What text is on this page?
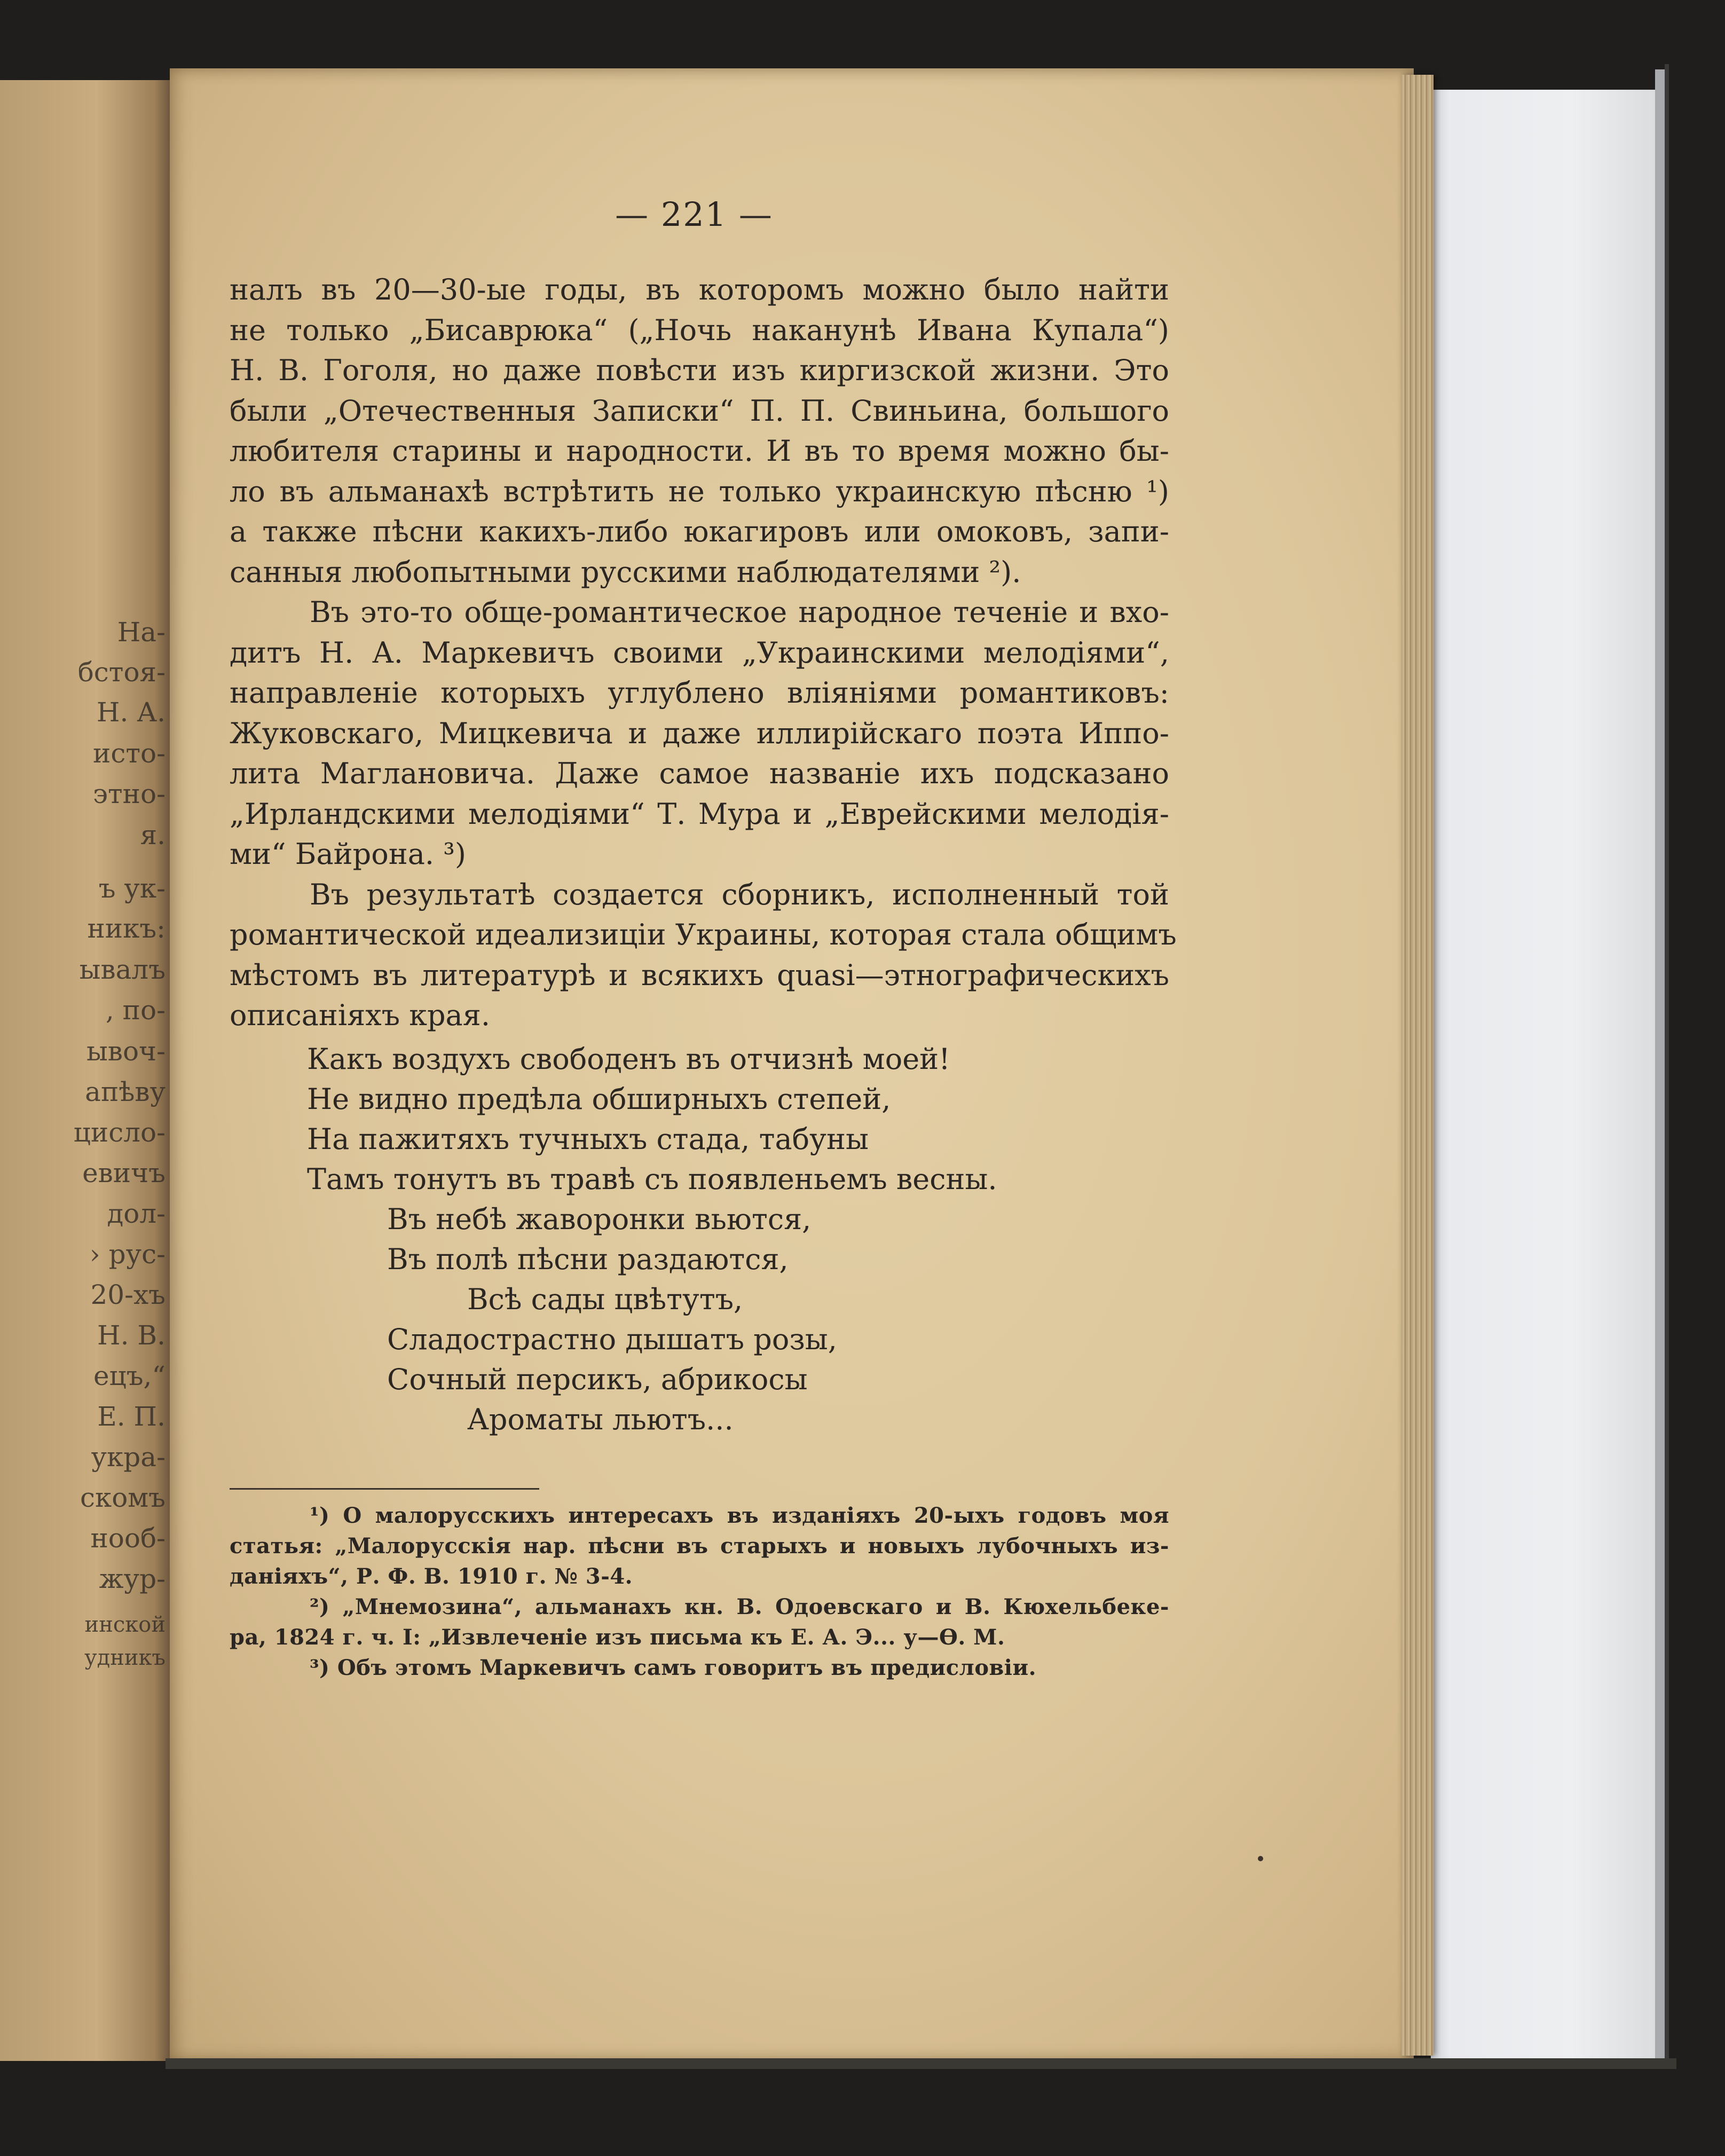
На-
бстоя-
Н. А.
исто-
этно-
я.
ъ ук-
никъ:
ывалъ
, по-
ывоч-
апѣву
цисло-
евичъ
дол-
› рус-
20-хъ
Н. В.
ецъ,“
Е. П.
укра-
скомъ
нооб-
жур-
инской
удникъ
— 221 —
налъ въ 20—30-ые годы, въ которомъ можно было найти
не только „Бисаврюка“ („Ночь наканунѣ Ивана Купала“)
Н. В. Гоголя, но даже повѣсти изъ киргизской жизни. Это
были „Отечественныя Записки“ П. П. Свиньина, большого
любителя старины и народности. И въ то время можно бы-
ло въ альманахѣ встрѣтить не только украинскую пѣсню ¹)
а также пѣсни какихъ-либо юкагировъ или омоковъ, запи-
санныя любопытными русскими наблюдателями ²).
Въ это-то обще-романтическое народное теченіе и вхо-
дитъ Н. А. Маркевичъ своими „Украинскими мелодіями“,
направленіе которыхъ углублено вліяніями романтиковъ:
Жуковскаго, Мицкевича и даже иллирійскаго поэта Иппо-
лита Маглановича. Даже самое названіе ихъ подсказано
„Ирландскими мелодіями“ Т. Мура и „Еврейскими мелодія-
ми“ Байрона. ³)
Въ результатѣ создается сборникъ, исполненный той
романтической идеализиціи Украины, которая стала общимъ
мѣстомъ въ литературѣ и всякихъ quasi—этнографическихъ
описаніяхъ края.
Какъ воздухъ свободенъ въ отчизнѣ моей!
Не видно предѣла обширныхъ степей,
На пажитяхъ тучныхъ стада, табуны
Тамъ тонутъ въ травѣ съ появленьемъ весны.
Въ небѣ жаворонки вьются,
Въ полѣ пѣсни раздаются,
Всѣ сады цвѣтутъ,
Сладострастно дышатъ розы,
Сочный персикъ, абрикосы
Ароматы льютъ...
¹) О малорусскихъ интересахъ въ изданіяхъ 20-ыхъ годовъ моя
статья: „Малорусскія нар. пѣсни въ старыхъ и новыхъ лубочныхъ из-
даніяхъ“, Р. Ф. В. 1910 г. № 3-4.
²) „Мнемозина“, альманахъ кн. В. Одоевскаго и В. Кюхельбеке-
ра, 1824 г. ч. I: „Извлеченіе изъ письма къ Е. А. Э... у—Ѳ. М.
³) Объ этомъ Маркевичъ самъ говоритъ въ предисловіи.
